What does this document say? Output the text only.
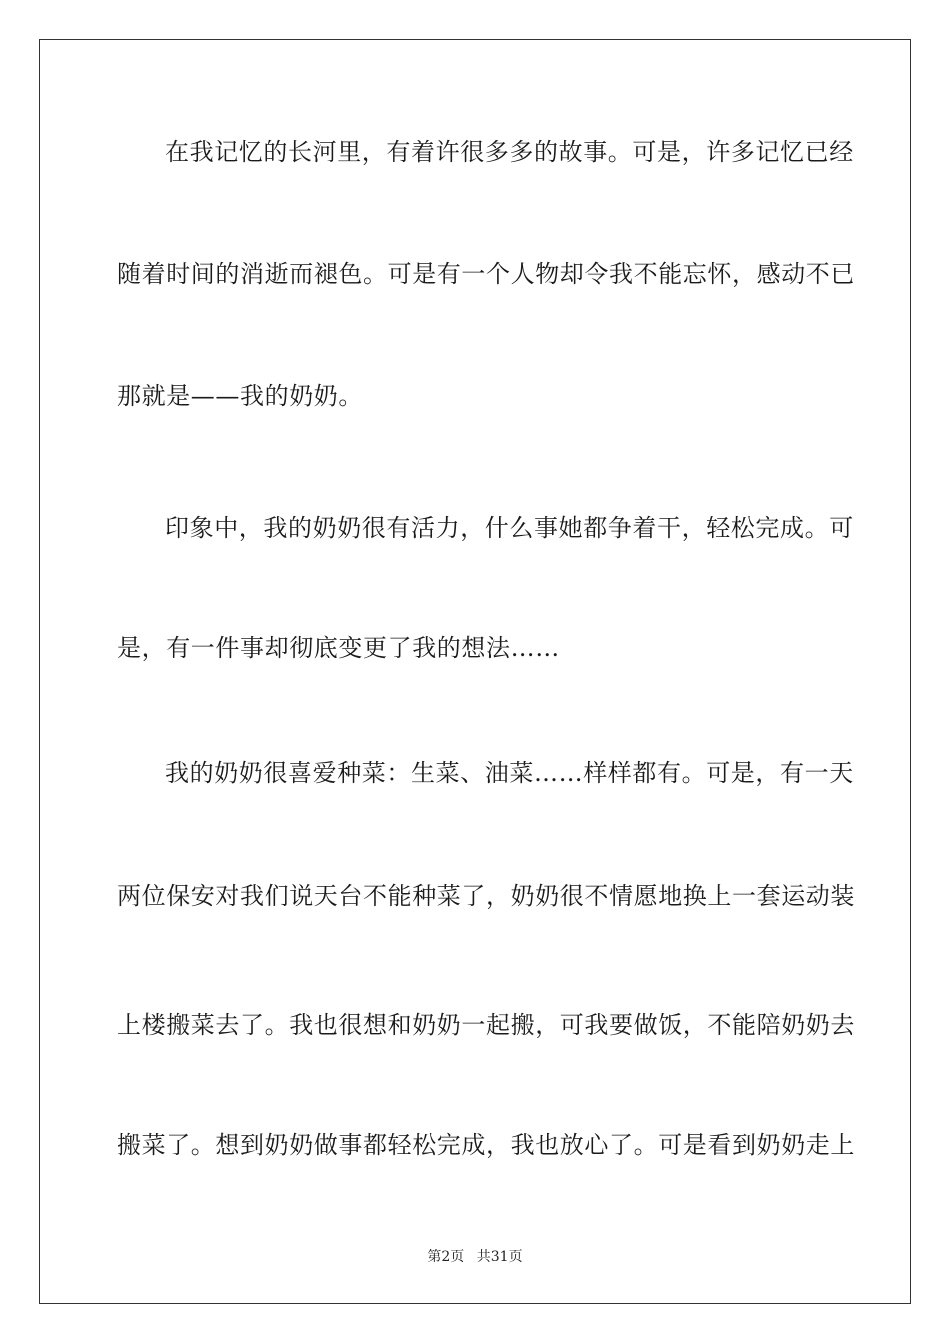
在我记忆的长河里，有着许很多多的故事。可是，许多记忆已经
随着时间的消逝而褪色。可是有一个人物却令我不能忘怀，感动不已
那就是——我的奶奶。
印象中，我的奶奶很有活力，什么事她都争着干，轻松完成。可
是，有一件事却彻底变更了我的想法……
我的奶奶很喜爱种菜：生菜、油菜……样样都有。可是，有一天
两位保安对我们说天台不能种菜了，奶奶很不情愿地换上一套运动装
上楼搬菜去了。我也很想和奶奶一起搬，可我要做饭，不能陪奶奶去
搬菜了。想到奶奶做事都轻松完成，我也放心了。可是看到奶奶走上
第2页 共31页
